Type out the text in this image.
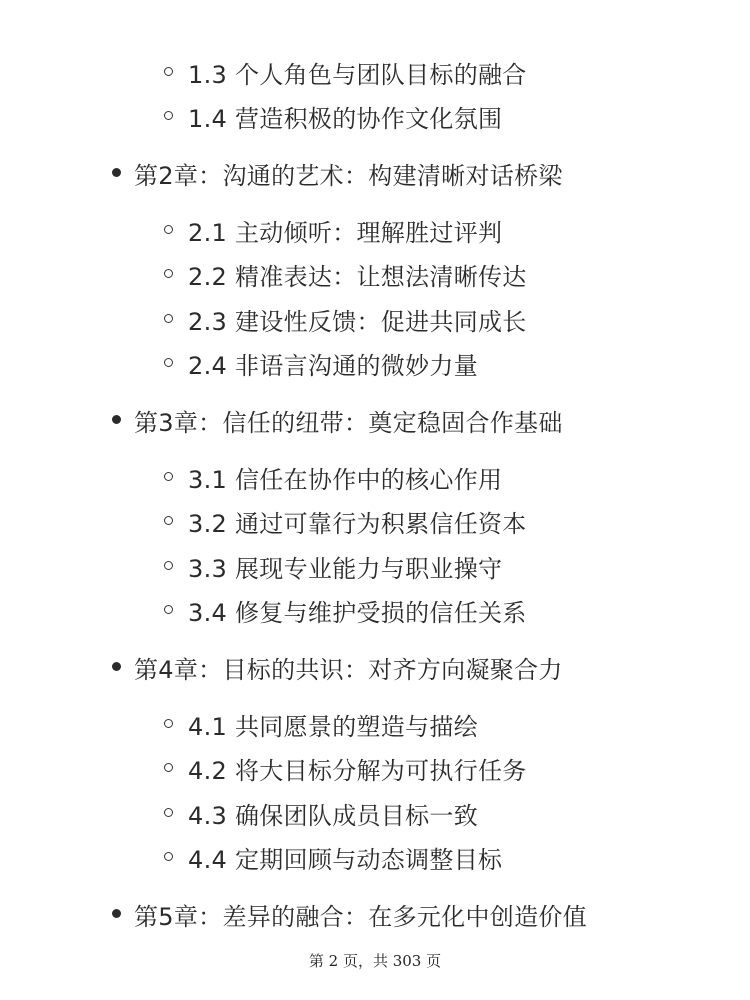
1.3 个人角色与团队目标的融合
1.4 营造积极的协作文化氛围
第2章：沟通的艺术：构建清晰对话桥梁
2.1 主动倾听：理解胜过评判
2.2 精准表达：让想法清晰传达
2.3 建设性反馈：促进共同成长
2.4 非语言沟通的微妙力量
第3章：信任的纽带：奠定稳固合作基础
3.1 信任在协作中的核心作用
3.2 通过可靠行为积累信任资本
3.3 展现专业能力与职业操守
3.4 修复与维护受损的信任关系
第4章：目标的共识：对齐方向凝聚合力
4.1 共同愿景的塑造与描绘
4.2 将大目标分解为可执行任务
4.3 确保团队成员目标一致
4.4 定期回顾与动态调整目标
第5章：差异的融合：在多元化中创造价值
第 2 页，共 303 页
